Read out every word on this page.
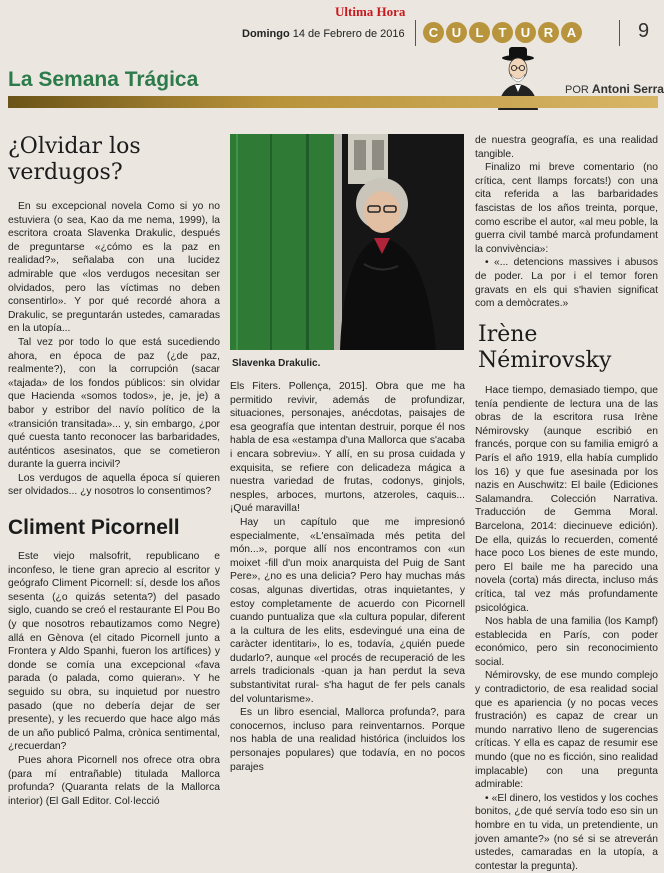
Ultima Hora
Domingo 14 de Febrero de 2016	C	U	L	T	U	R	A	9
La Semana Trágica	POR Antoni Serra
¿Olvidar los
verdugos?

En su excepcional novela Como si yo no estuviera (o sea, Kao da me nema, 1999), la escritora croata Slavenka Drakulic, después de preguntarse «¿cómo es la paz en realidad?», señalaba con una lucidez admirable que «los verdugos necesitan ser olvidados, pero las víctimas no deben consentirlo». Y por qué recordé ahora a Drakulic, se preguntarán ustedes, camaradas en la utopía...

Tal vez por todo lo que está sucediendo ahora, en época de paz (¿de paz, realmente?), con la corrupción (sacar «tajada» de los fondos públicos: sin olvidar que Hacienda «somos todos», je, je, je) a babor y estribor del navío político de la «transición transitada»... y, sin embargo, ¿por qué cuesta tanto reconocer las barbaridades, auténticos asesinatos, que se cometieron durante la guerra incivil?

Los verdugos de aquella época sí quieren ser olvidados... ¿y nosotros lo consentimos?

Climent Picornell

Este viejo malsofrit, republicano e inconfeso, le tiene gran aprecio al escritor y geógrafo Climent Picornell: sí, desde los años sesenta (¿o quizás setenta?) del pasado siglo, cuando se creó el restaurante El Pou Bo (y que nosotros rebautizamos como Negre) allá en Gènova (el citado Picornell junto a Frontera y Aldo Spanhi, fueron los artífices) y donde se comía una excepcional «fava parada (o palada, como quieran». Y he seguido su obra, su inquietud por nuestro pasado (que no debería dejar de ser presente), y les recuerdo que hace algo más de un año publicó Palma, crònica sentimental, ¿recuerdan?

Pues ahora Picornell nos ofrece otra obra (para mí entrañable) titulada Mallorca profunda? (Quaranta relats de la Mallorca interior) (El Gall Editor. Col·lecció

Slavenka Drakulic.

Els Fiters. Pollença, 2015]. Obra que me ha permitido revivir, además de profundizar, situaciones, personajes, anécdotas, paisajes de esa geografía que intentan destruir, porque él nos habla de esa «estampa d'una Mallorca que s'acaba i encara sobreviu». Y allí, en su prosa cuidada y exquisita, se refiere con delicadeza mágica a nuestra variedad de frutas, codonys, ginjols, nesples, arboces, murtons, atzeroles, caquis... ¡Qué maravilla!

Hay un capítulo que me impresionó especialmente, «L'ensaïmada més petita del món...», porque allí nos encontramos con «un moixet -fill d'un moix anarquista del Puig de Sant Pere», ¿no es una delicia? Pero hay muchas más cosas, algunas divertidas, otras inquietantes, y estoy completamente de acuerdo con Picornell cuando puntualiza que «la cultura popular, diferent a la cultura de les elits, esdevingué una eina de caràcter identitari», lo es, todavía, ¿quién puede dudarlo?, aunque «el procés de recuperació de les arrels tradicionals -quan ja han perdut la seva substantivitat rural- s'ha hagut de fer pels canals del voluntarisme».

Es un libro esencial, Mallorca profunda?, para conocernos, incluso para reinventarnos. Porque nos habla de una realidad histórica (incluidos los personajes populares) que todavía, en no pocos parajes

de nuestra geografía, es una realidad tangible.

Finalizo mi breve comentario (no crítica, cent llamps forcats!) con una cita referida a las barbaridades fascistas de los años treinta, porque, como escribe el autor, «al meu poble, la guerra civil també marcà profundament la convivència»:

• «... detencions massives i abusos de poder. La por i el temor foren gravats en els qui s'havien significat com a demòcrates.»

Irène
Némirovsky

Hace tiempo, demasiado tiempo, que tenía pendiente de lectura una de las obras de la escritora rusa Irène Némirovsky (aunque escribió en francés, porque con su familia emigró a París el año 1919, ella había cumplido los 16) y que fue asesinada por los nazis en Auschwitz: El baile (Ediciones Salamandra. Colección Narrativa. Traducción de Gemma Moral. Barcelona, 2014: diecinueve edición). De ella, quizás lo recuerden, comenté hace poco Los bienes de este mundo, pero El baile me ha parecido una novela (corta) más directa, incluso más crítica, tal vez más profundamente psicológica.

Nos habla de una familia (los Kampf) establecida en París, con poder económico, pero sin reconocimiento social.

Némirovsky, de ese mundo complejo y contradictorio, de esa realidad social que es apariencia (y no pocas veces frustración) es capaz de crear un mundo narrativo lleno de sugerencias críticas. Y ella es capaz de resumir ese mundo (que no es ficción, sino realidad implacable) con una pregunta admirable:

• «El dinero, los vestidos y los coches bonitos, ¿de qué servía todo eso sin un hombre en tu vida, un pretendiente, un joven amante?» (no sé si se atreverán ustedes, camaradas en la utopía, a contestar la pregunta).
